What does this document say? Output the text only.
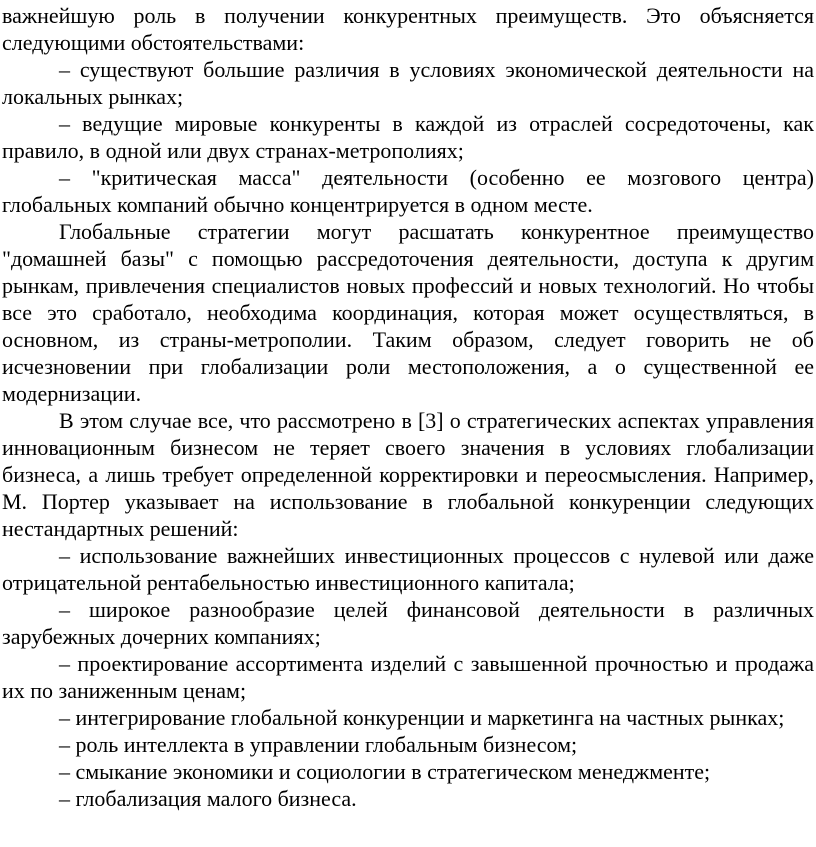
важнейшую роль в получении конкурентных преимуществ. Это объясняется следующими обстоятельствами:

– существуют большие различия в условиях экономической деятельности на локальных рынках;

– ведущие мировые конкуренты в каждой из отраслей сосредоточены, как правило, в одной или двух странах-метрополиях;

– "критическая масса" деятельности (особенно ее мозгового центра) глобальных компаний обычно концентрируется в одном месте.

Глобальные стратегии могут расшатать конкурентное преимущество "домашней базы" с помощью рассредоточения деятельности, доступа к другим рынкам, привлечения специалистов новых профессий и новых технологий. Но чтобы все это сработало, необходима координация, которая может осуществляться, в основном, из страны-метрополии. Таким образом, следует говорить не об исчезновении при глобализации роли местоположения, а о существенной ее модернизации.

В этом случае все, что рассмотрено в [3] о стратегических аспектах управления инновационным бизнесом не теряет своего значения в условиях глобализации бизнеса, а лишь требует определенной корректировки и переосмысления. Например, М. Портер указывает на использование в глобальной конкуренции следующих нестандартных решений:

– использование важнейших инвестиционных процессов с нулевой или даже отрицательной рентабельностью инвестиционного капитала;

– широкое разнообразие целей финансовой деятельности в различных зарубежных дочерних компаниях;

– проектирование ассортимента изделий с завышенной прочностью и продажа их по заниженным ценам;

– интегрирование глобальной конкуренции и маркетинга на частных рынках;

– роль интеллекта в управлении глобальным бизнесом;

– смыкание экономики и социологии в стратегическом менеджменте;

– глобализация малого бизнеса.
